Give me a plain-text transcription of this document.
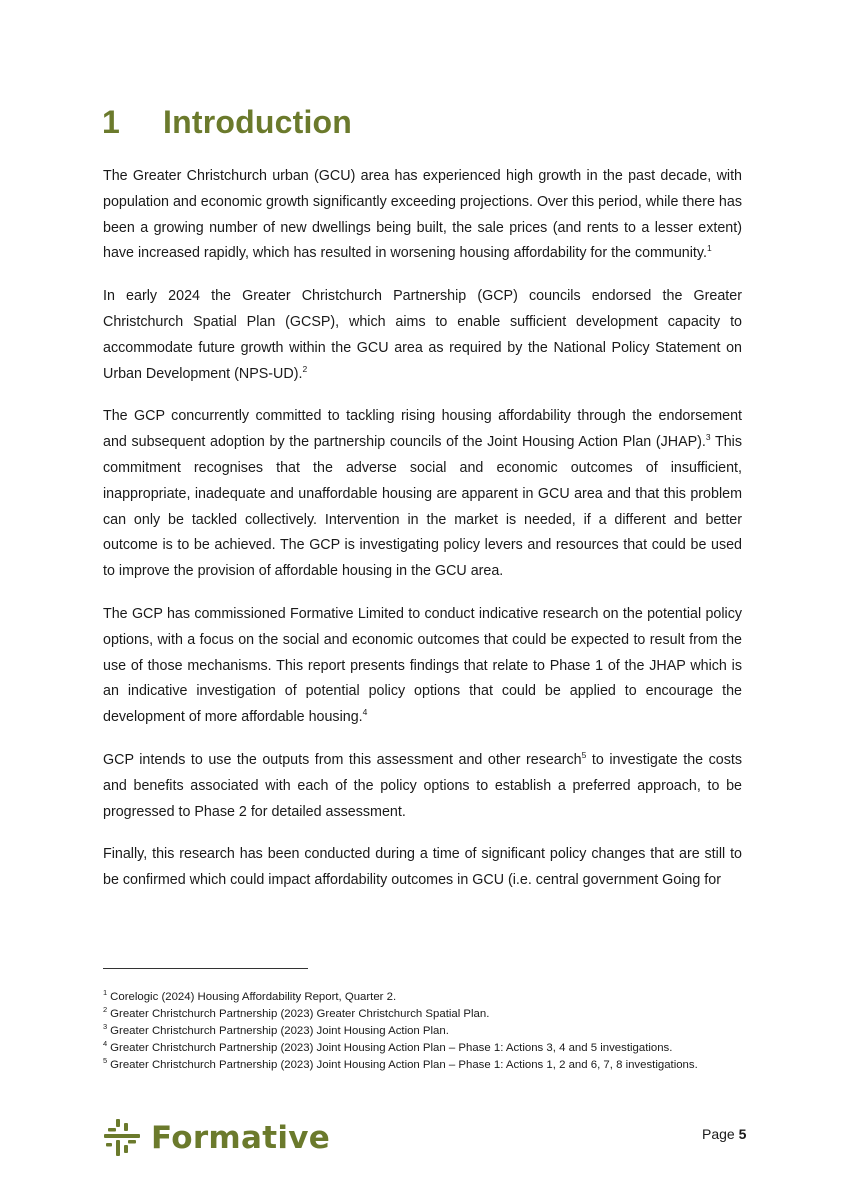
1	Introduction

The Greater Christchurch urban (GCU) area has experienced high growth in the past decade, with population and economic growth significantly exceeding projections. Over this period, while there has been a growing number of new dwellings being built, the sale prices (and rents to a lesser extent) have increased rapidly, which has resulted in worsening housing affordability for the community.$^1$

In early 2024 the Greater Christchurch Partnership (GCP) councils endorsed the Greater Christchurch Spatial Plan (GCSP), which aims to enable sufficient development capacity to accommodate future growth within the GCU area as required by the National Policy Statement on Urban Development (NPS-UD).$^2$

The GCP concurrently committed to tackling rising housing affordability through the endorsement and subsequent adoption by the partnership councils of the Joint Housing Action Plan (JHAP).$^3$ This commitment recognises that the adverse social and economic outcomes of insufficient, inappropriate, inadequate and unaffordable housing are apparent in GCU area and that this problem can only be tackled collectively. Intervention in the market is needed, if a different and better outcome is to be achieved. The GCP is investigating policy levers and resources that could be used to improve the provision of affordable housing in the GCU area.

The GCP has commissioned Formative Limited to conduct indicative research on the potential policy options, with a focus on the social and economic outcomes that could be expected to result from the use of those mechanisms. This report presents findings that relate to Phase 1 of the JHAP which is an indicative investigation of potential policy options that could be applied to encourage the development of more affordable housing.$^4$

GCP intends to use the outputs from this assessment and other research$^5$ to investigate the costs and benefits associated with each of the policy options to establish a preferred approach, to be progressed to Phase 2 for detailed assessment.

Finally, this research has been conducted during a time of significant policy changes that are still to be confirmed which could impact affordability outcomes in GCU (i.e. central government Going for

$^1$ Corelogic (2024) Housing Affordability Report, Quarter 2.

$^2$ Greater Christchurch Partnership (2023) Greater Christchurch Spatial Plan.

$^3$ Greater Christchurch Partnership (2023) Joint Housing Action Plan.

$^4$ Greater Christchurch Partnership (2023) Joint Housing Action Plan – Phase 1: Actions 3, 4 and 5 investigations.

$^5$ Greater Christchurch Partnership (2023) Joint Housing Action Plan – Phase 1: Actions 1, 2 and 6, 7, 8 investigations.

Formative	Page 5
